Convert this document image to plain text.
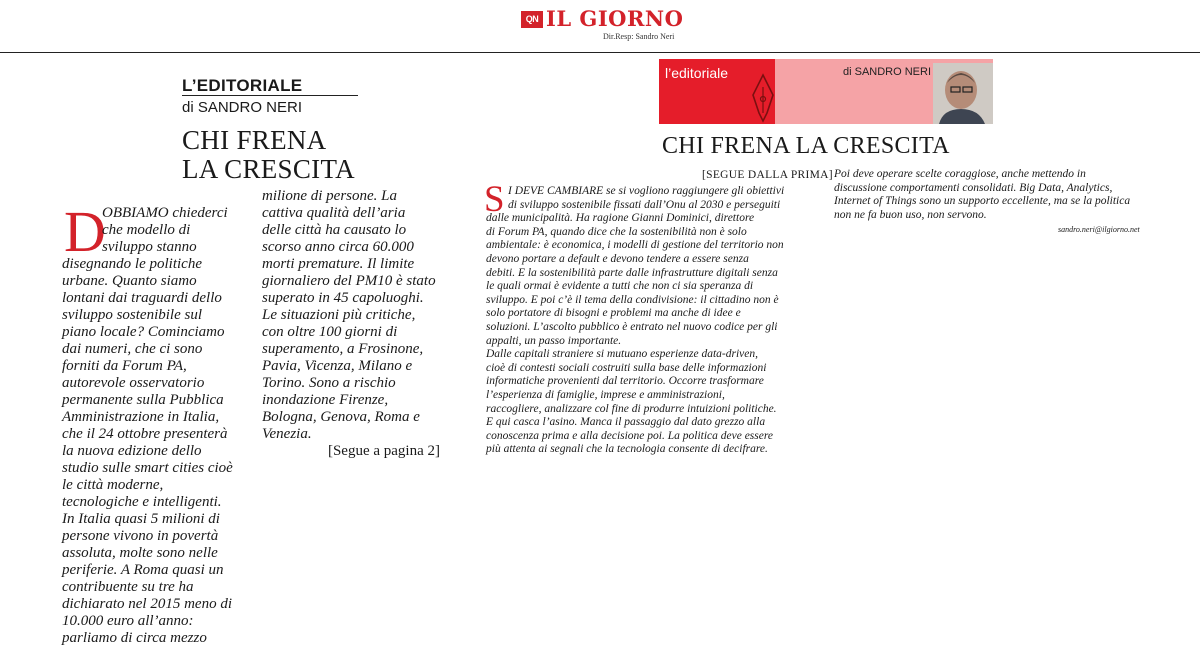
QN IL GIORNO
Dir.Resp: Sandro Neri
L’EDITORIALE
di SANDRO NERI
CHI FRENA
LA CRESCITA
D
OBBIAMO chiederci
che modello di
sviluppo stanno
disegnando le politiche
urbane. Quanto siamo
lontani dai traguardi dello
sviluppo sostenibile sul
piano locale? Cominciamo
dai numeri, che ci sono
forniti da Forum PA,
autorevole osservatorio
permanente sulla Pubblica
Amministrazione in Italia,
che il 24 ottobre presenterà
la nuova edizione dello
studio sulle smart cities cioè
le città moderne,
tecnologiche e intelligenti.
In Italia quasi 5 milioni di
persone vivono in povertà
assoluta, molte sono nelle
periferie. A Roma quasi un
contribuente su tre ha
dichiarato nel 2015 meno di
10.000 euro all’anno:
parliamo di circa mezzo
milione di persone. La
cattiva qualità dell’aria
delle città ha causato lo
scorso anno circa 60.000
morti premature. Il limite
giornaliero del PM10 è stato
superato in 45 capoluoghi.
Le situazioni più critiche,
con oltre 100 giorni di
superamento, a Frosinone,
Pavia, Vicenza, Milano e
Torino. Sono a rischio
inondazione Firenze,
Bologna, Genova, Roma e
Venezia.
[Segue a pagina 2]
l’editoriale	di SANDRO NERI
CHI FRENA LA CRESCITA
[SEGUE DALLA PRIMA]
S I DEVE CAMBIARE se si vogliono raggiungere gli obiettivi
di sviluppo sostenibile fissati dall’Onu al 2030 e perseguiti
dalle municipalità. Ha ragione Gianni Dominici, direttore
di Forum PA, quando dice che la sostenibilità non è solo
ambientale: è economica, i modelli di gestione del territorio non
devono portare a default e devono tendere a essere senza
debiti. E la sostenibilità parte dalle infrastrutture digitali senza
le quali ormai è evidente a tutti che non ci sia speranza di
sviluppo. E poi c’è il tema della condivisione: il cittadino non è
solo portatore di bisogni e problemi ma anche di idee e
soluzioni. L’ascolto pubblico è entrato nel nuovo codice per gli
appalti, un passo importante.
Dalle capitali straniere si mutuano esperienze data-driven,
cioè di contesti sociali costruiti sulla base delle informazioni
informatiche provenienti dal territorio. Occorre trasformare
l’esperienza di famiglie, imprese e amministrazioni,
raccogliere, analizzare col fine di produrre intuizioni politiche.
E qui casca l’asino. Manca il passaggio dal dato grezzo alla
conoscenza prima e alla decisione poi. La politica deve essere
più attenta ai segnali che la tecnologia consente di decifrare.
Poi deve operare scelte coraggiose, anche mettendo in
discussione comportamenti consolidati. Big Data, Analytics,
Internet of Things sono un supporto eccellente, ma se la politica
non ne fa buon uso, non servono.
sandro.neri@ilgiorno.net
